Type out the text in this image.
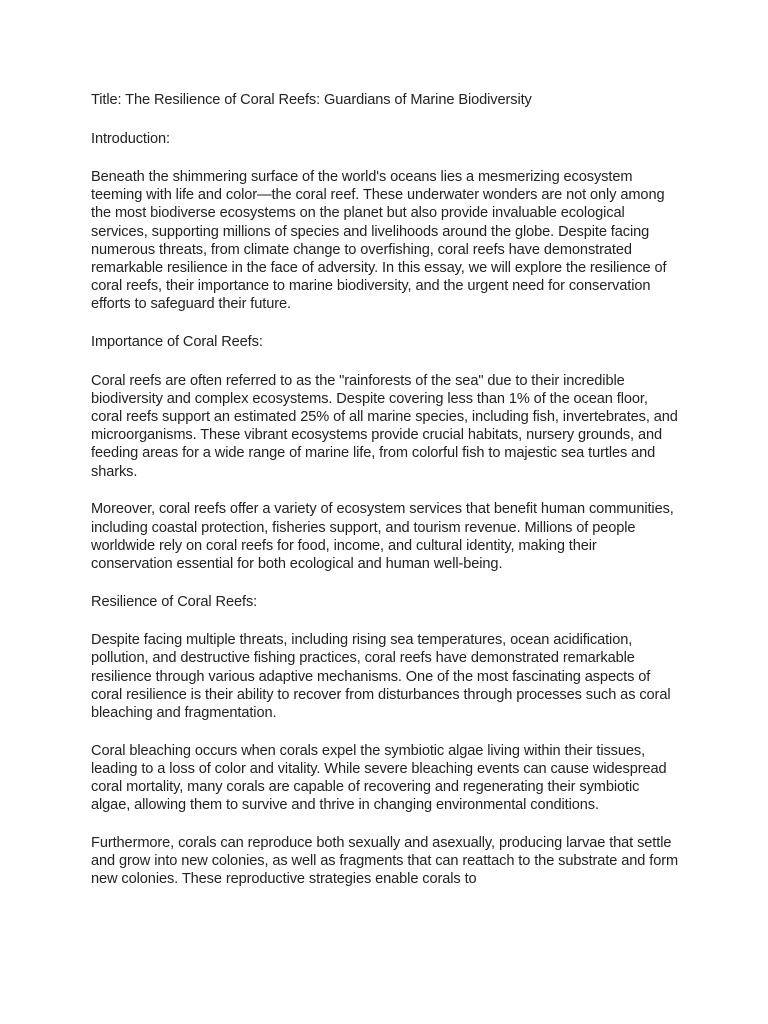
Title: The Resilience of Coral Reefs: Guardians of Marine Biodiversity

Introduction:

Beneath the shimmering surface of the world's oceans lies a mesmerizing ecosystem teeming with life and color—the coral reef. These underwater wonders are not only among the most biodiverse ecosystems on the planet but also provide invaluable ecological services, supporting millions of species and livelihoods around the globe. Despite facing numerous threats, from climate change to overfishing, coral reefs have demonstrated remarkable resilience in the face of adversity. In this essay, we will explore the resilience of coral reefs, their importance to marine biodiversity, and the urgent need for conservation efforts to safeguard their future.

Importance of Coral Reefs:

Coral reefs are often referred to as the "rainforests of the sea" due to their incredible biodiversity and complex ecosystems. Despite covering less than 1% of the ocean floor, coral reefs support an estimated 25% of all marine species, including fish, invertebrates, and microorganisms. These vibrant ecosystems provide crucial habitats, nursery grounds, and feeding areas for a wide range of marine life, from colorful fish to majestic sea turtles and sharks.

Moreover, coral reefs offer a variety of ecosystem services that benefit human communities, including coastal protection, fisheries support, and tourism revenue. Millions of people worldwide rely on coral reefs for food, income, and cultural identity, making their conservation essential for both ecological and human well-being.

Resilience of Coral Reefs:

Despite facing multiple threats, including rising sea temperatures, ocean acidification, pollution, and destructive fishing practices, coral reefs have demonstrated remarkable resilience through various adaptive mechanisms. One of the most fascinating aspects of coral resilience is their ability to recover from disturbances through processes such as coral bleaching and fragmentation.

Coral bleaching occurs when corals expel the symbiotic algae living within their tissues, leading to a loss of color and vitality. While severe bleaching events can cause widespread coral mortality, many corals are capable of recovering and regenerating their symbiotic algae, allowing them to survive and thrive in changing environmental conditions.

Furthermore, corals can reproduce both sexually and asexually, producing larvae that settle and grow into new colonies, as well as fragments that can reattach to the substrate and form new colonies. These reproductive strategies enable corals to
